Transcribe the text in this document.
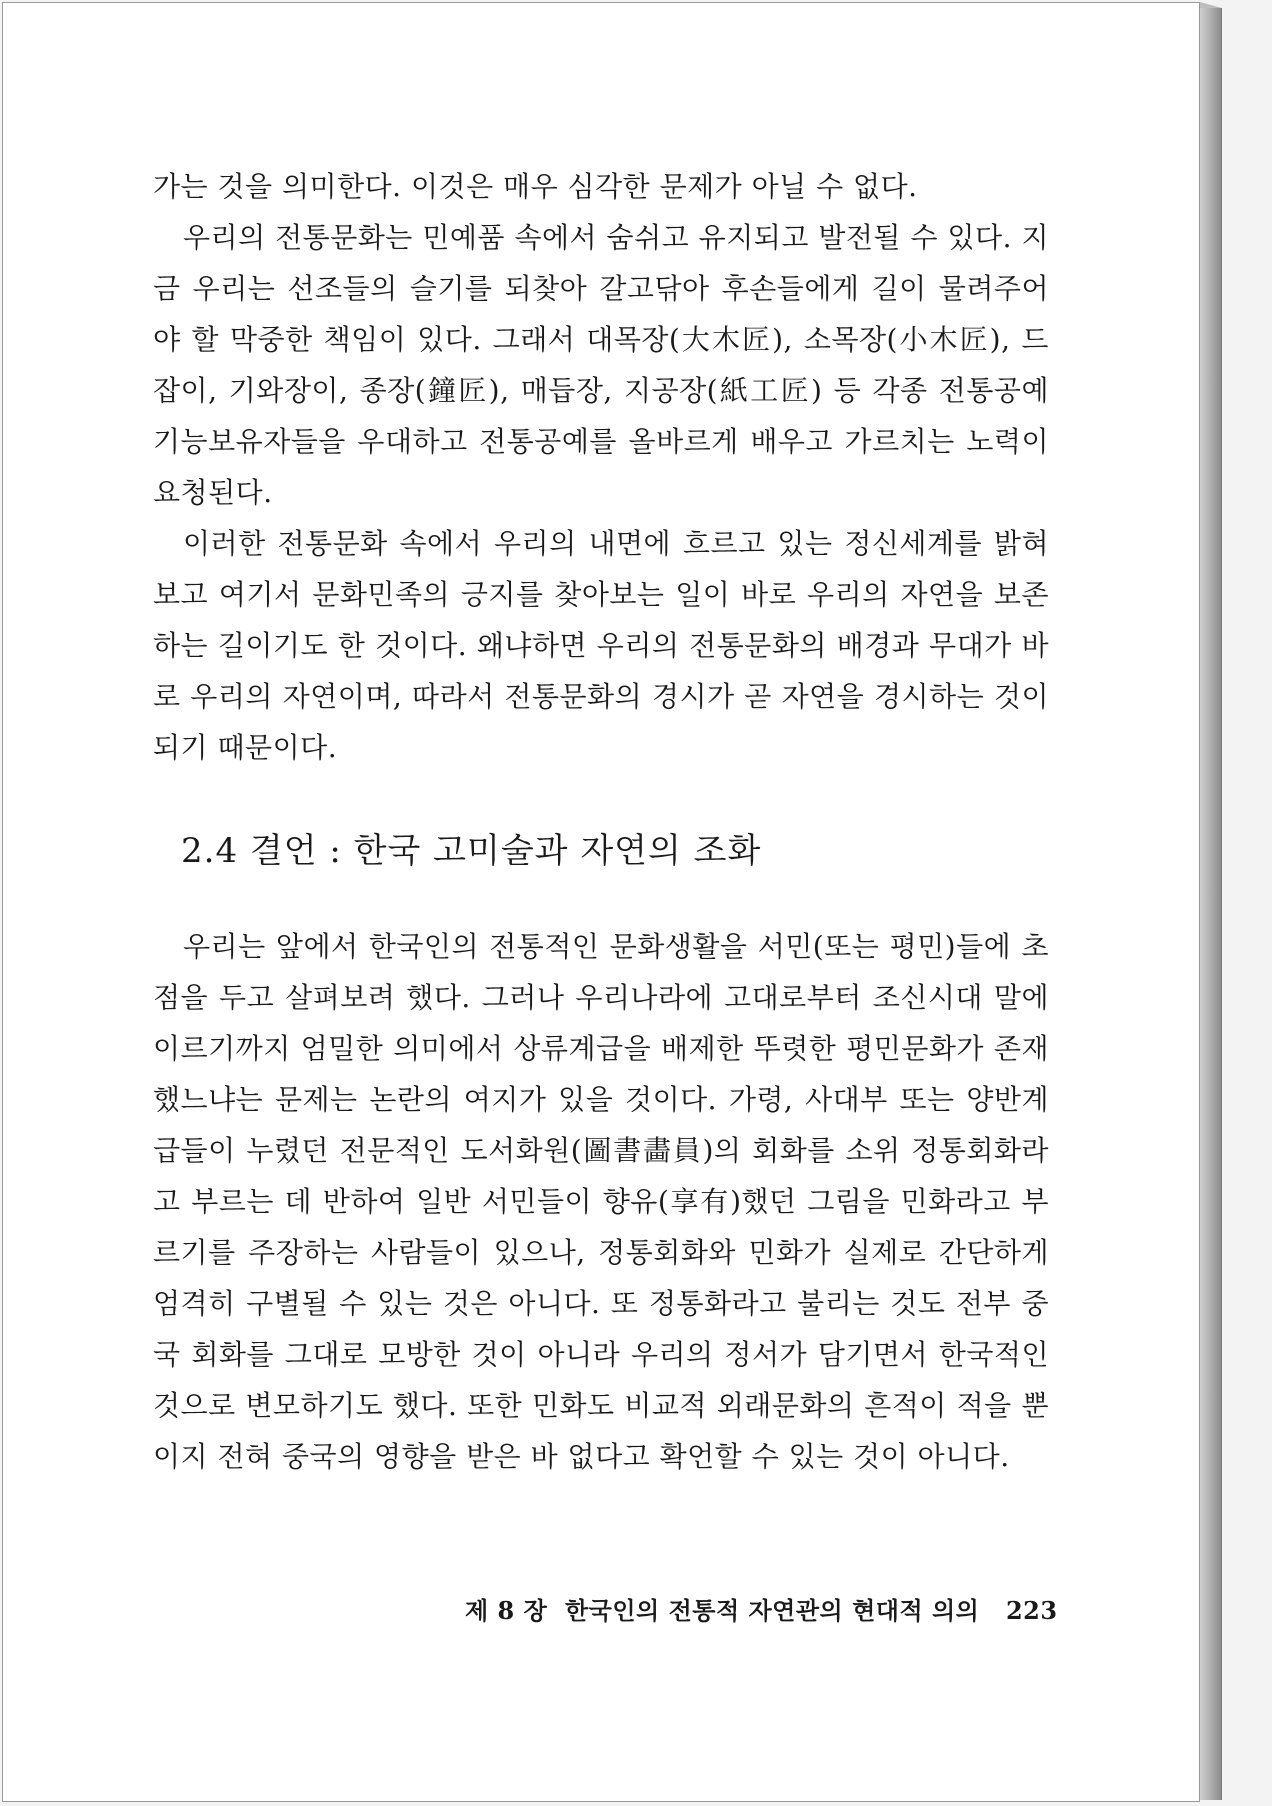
가는 것을 의미한다. 이것은 매우 심각한 문제가 아닐 수 없다.

우리의 전통문화는 민예품 속에서 숨쉬고 유지되고 발전될 수 있다. 지금 우리는 선조들의 슬기를 되찾아 갈고닦아 후손들에게 길이 물려주어야 할 막중한 책임이 있다. 그래서 대목장(大木匠), 소목장(小木匠), 드잡이, 기와장이, 종장(鐘匠), 매듭장, 지공장(紙工匠) 등 각종 전통공예 기능보유자들을 우대하고 전통공예를 올바르게 배우고 가르치는 노력이 요청된다.

이러한 전통문화 속에서 우리의 내면에 흐르고 있는 정신세계를 밝혀보고 여기서 문화민족의 긍지를 찾아보는 일이 바로 우리의 자연을 보존하는 길이기도 한 것이다. 왜냐하면 우리의 전통문화의 배경과 무대가 바로 우리의 자연이며, 따라서 전통문화의 경시가 곧 자연을 경시하는 것이 되기 때문이다.

2.4 결언 : 한국 고미술과 자연의 조화

우리는 앞에서 한국인의 전통적인 문화생활을 서민(또는 평민)들에 초점을 두고 살펴보려 했다. 그러나 우리나라에 고대로부터 조신시대 말에 이르기까지 엄밀한 의미에서 상류계급을 배제한 뚜렷한 평민문화가 존재했느냐는 문제는 논란의 여지가 있을 것이다. 가령, 사대부 또는 양반계급들이 누렸던 전문적인 도서화원(圖書畵員)의 회화를 소위 정통회화라고 부르는 데 반하여 일반 서민들이 향유(享有)했던 그림을 민화라고 부르기를 주장하는 사람들이 있으나, 정통회화와 민화가 실제로 간단하게 엄격히 구별될 수 있는 것은 아니다. 또 정통화라고 불리는 것도 전부 중국 회화를 그대로 모방한 것이 아니라 우리의 정서가 담기면서 한국적인 것으로 변모하기도 했다. 또한 민화도 비교적 외래문화의 흔적이 적을 뿐이지 전혀 중국의 영향을 받은 바 없다고 확언할 수 있는 것이 아니다.

제 8 장 한국인의 전통적 자연관의 현대적 의의 223
